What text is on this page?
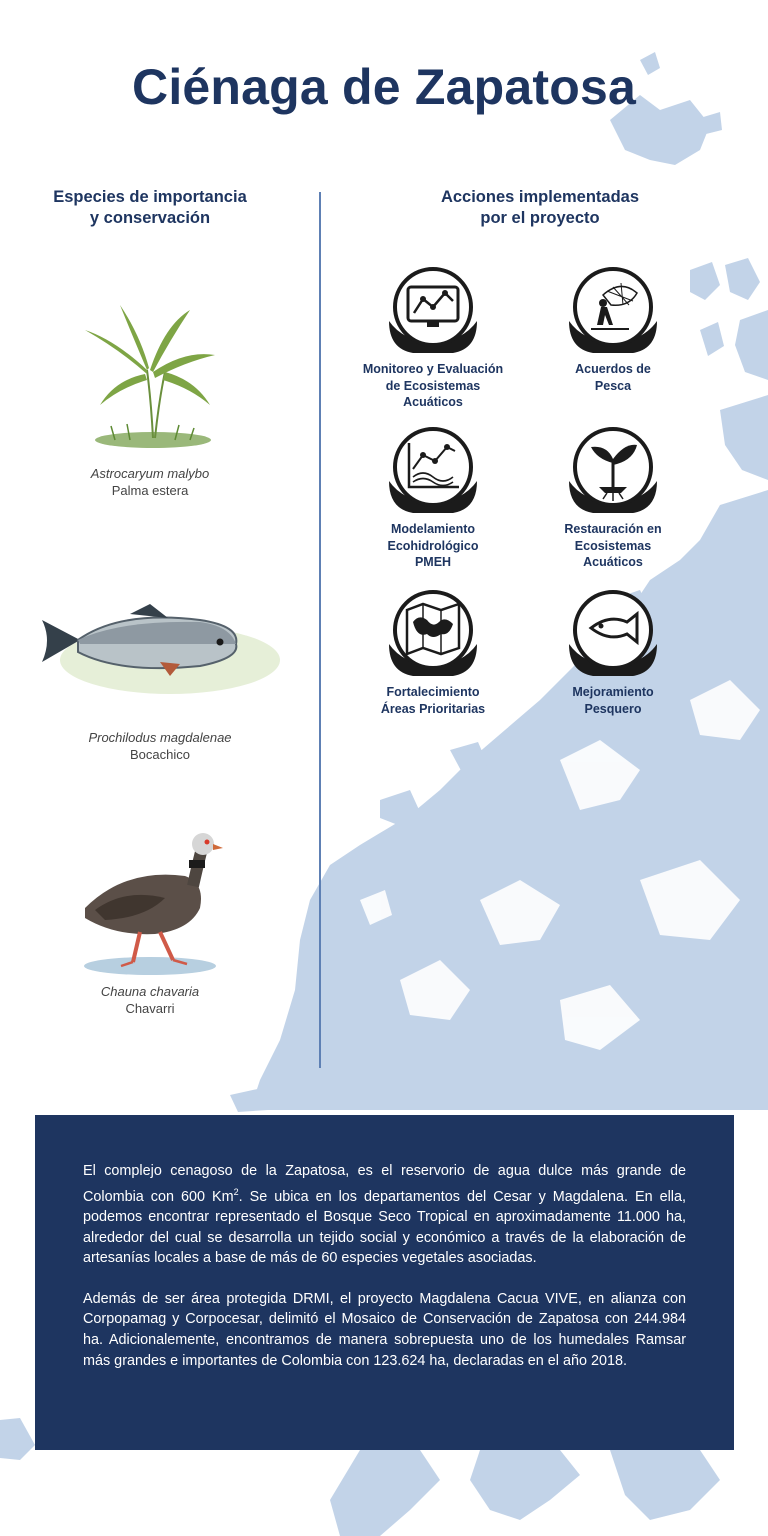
Ciénaga de Zapatosa
Especies de importancia
y conservación
Acciones implementadas
por el proyecto
Astrocaryum malybo
Palma estera
Prochilodus magdalenae
Bocachico
Chauna chavaria
Chavarri
Monitoreo y Evaluación
de Ecosistemas
Acuáticos
Acuerdos de
Pesca
Modelamiento
Ecohidrológico
PMEH
Restauración en
Ecosistemas
Acuáticos
Fortalecimiento
Áreas Prioritarias
Mejoramiento
Pesquero

El complejo cenagoso de la Zapatosa, es el reservorio de agua dulce más grande de Colombia con 600 Km$^2$. Se ubica en los departamentos del Cesar y Magdalena. En ella, podemos encontrar representado el Bosque Seco Tropical en aproximadamente 11.000 ha, alrededor del cual se desarrolla un tejido social y económico a través de la elaboración de artesanías locales a base de más de 60 especies vegetales asociadas.

Además de ser área protegida DRMI, el proyecto Magdalena Cacua VIVE, en alianza con Corpopamag y Corpocesar, delimitó el Mosaico de Conservación de Zapatosa con 244.984 ha. Adicionalemente, encontramos de manera sobrepuesta uno de los humedales Ramsar más grandes e importantes de Colombia con 123.624 ha, declaradas en el año 2018.
